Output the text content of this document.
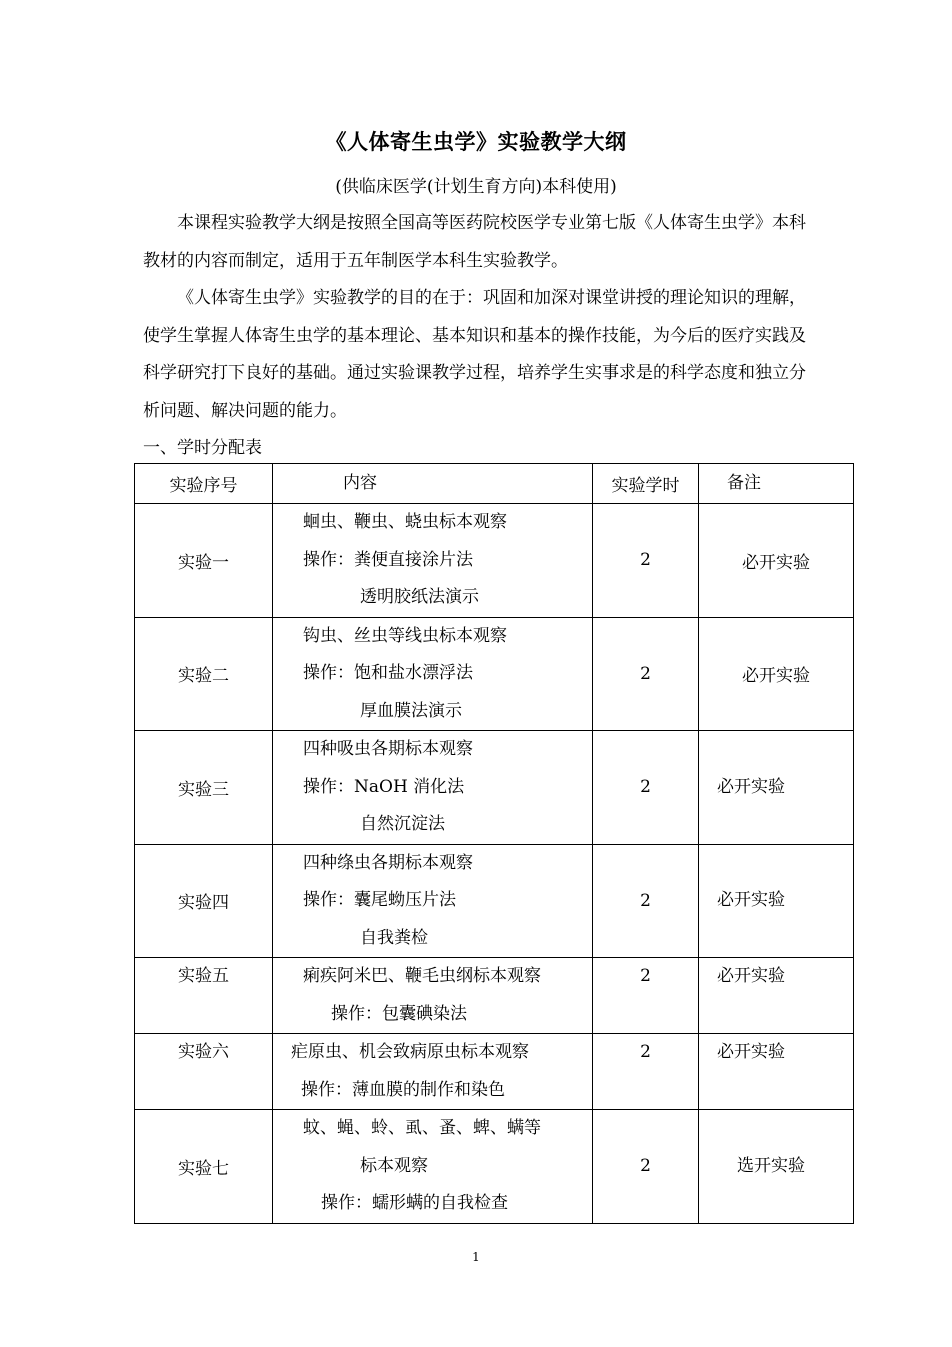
《人体寄生虫学》实验教学大纲
(供临床医学(计划生育方向)本科使用)

本课程实验教学大纲是按照全国高等医药院校医学专业第七版《人体寄生虫学》本科教材的内容而制定，适用于五年制医学本科生实验教学。

《人体寄生虫学》实验教学的目的在于：巩固和加深对课堂讲授的理论知识的理解，使学生掌握人体寄生虫学的基本理论、基本知识和基本的操作技能，为今后的医疗实践及科学研究打下良好的基础。通过实验课教学过程，培养学生实事求是的科学态度和独立分析问题、解决问题的能力。

一、学时分配表
实验序号	内容	实验学时	备注

实验一	蛔虫、鞭虫、蛲虫标本观察
操作：粪便直接涂片法
透明胶纸法演示	2	必开实验
实验二	钩虫、丝虫等线虫标本观察
操作：饱和盐水漂浮法
厚血膜法演示	2	必开实验
实验三	四种吸虫各期标本观察
操作：NaOH 消化法
自然沉淀法	2	必开实验

实验四	四种绦虫各期标本观察
操作：囊尾蚴压片法
自我粪检	2	必开实验

实验五	痢疾阿米巴、鞭毛虫纲标本观察
操作：包囊碘染法	2	必开实验

实验六	疟原虫、机会致病原虫标本观察
操作：薄血膜的制作和染色	2	必开实验

实验七	蚊、蝇、蛉、虱、蚤、蜱、螨等
标本观察
操作：蠕形螨的自我检查	2	选开实验
1
